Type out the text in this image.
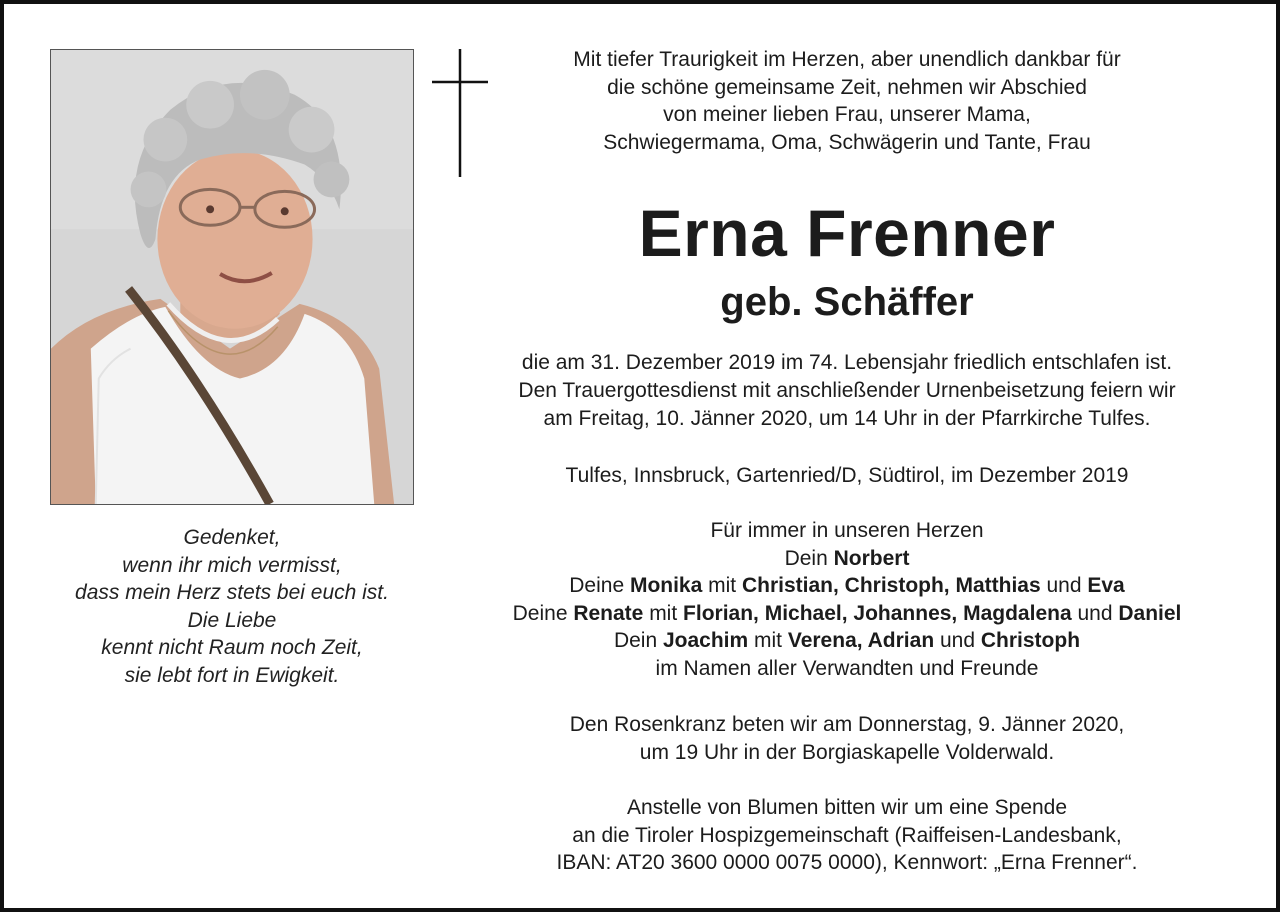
Gedenket,
wenn ihr mich vermisst,
dass mein Herz stets bei euch ist.
Die Liebe
kennt nicht Raum noch Zeit,
sie lebt fort in Ewigkeit.
Mit tiefer Traurigkeit im Herzen, aber unendlich dankbar für
die schöne gemeinsame Zeit, nehmen wir Abschied
von meiner lieben Frau, unserer Mama,
Schwiegermama, Oma, Schwägerin und Tante, Frau
Erna Frenner
geb. Schäffer
die am 31. Dezember 2019 im 74. Lebensjahr friedlich entschlafen ist.
Den Trauergottesdienst mit anschließender Urnenbeisetzung feiern wir
am Freitag, 10. Jänner 2020, um 14 Uhr in der Pfarrkirche Tulfes.
Tulfes, Innsbruck, Gartenried/D, Südtirol, im Dezember 2019
Für immer in unseren Herzen
Dein Norbert
Deine Monika mit Christian, Christoph, Matthias und Eva
Deine Renate mit Florian, Michael, Johannes, Magdalena und Daniel
Dein Joachim mit Verena, Adrian und Christoph
im Namen aller Verwandten und Freunde
Den Rosenkranz beten wir am Donnerstag, 9. Jänner 2020,
um 19 Uhr in der Borgiaskapelle Volderwald.
Anstelle von Blumen bitten wir um eine Spende
an die Tiroler Hospizgemeinschaft (Raiffeisen-Landesbank,
IBAN: AT20 3600 0000 0075 0000), Kennwort: „Erna Frenner“.
